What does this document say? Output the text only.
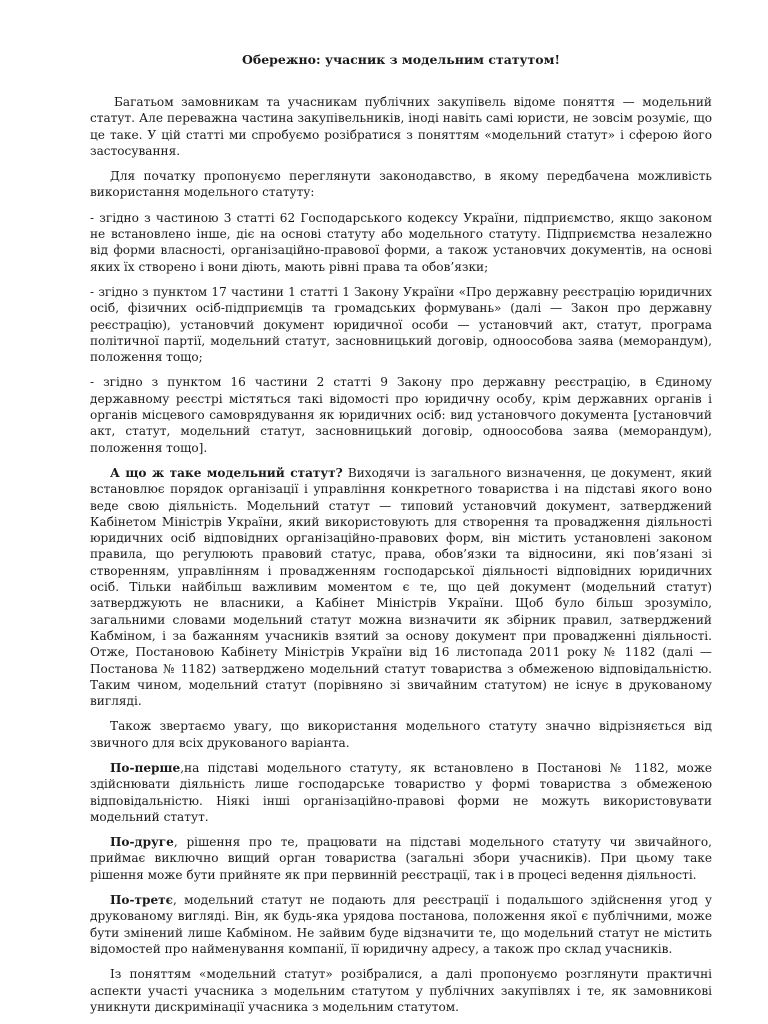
Обережно: учасник з модельним статутом!

Багатьом замовникам та учасникам публічних закупівель відоме поняття — модельний статут. Але переважна частина закупівельників, іноді навіть самі юристи, не зовсім розуміє, що це таке. У цій статті ми спробуємо розібратися з поняттям «модельний статут» і сферою його застосування.

Для початку пропонуємо переглянути законодавство, в якому передбачена можливість використання модельного статуту:

- згідно з частиною 3 статті 62 Господарського кодексу України, підприємство, якщо законом не встановлено інше, діє на основі статуту або модельного статуту. Підприємства незалежно від форми власності, організаційно-правової форми, а також установчих документів, на основі яких їх створено і вони діють, мають рівні права та обов’язки;

- згідно з пунктом 17 частини 1 статті 1 Закону України «Про державну реєстрацію юридичних осіб, фізичних осіб-підприємців та громадських формувань» (далі — Закон про державну реєстрацію), установчий документ юридичної особи — установчий акт, статут, програма політичної партії, модельний статут, засновницький договір, одноособова заява (меморандум), положення тощо;

- згідно з пунктом 16 частини 2 статті 9 Закону про державну реєстрацію, в Єдиному державному реєстрі містяться такі відомості про юридичну особу, крім державних органів і органів місцевого самоврядування як юридичних осіб: вид установчого документа [установчий акт, статут, модельний статут, засновницький договір, одноособова заява (меморандум), положення тощо].

А що ж таке модельний статут? Виходячи із загального визначення, це документ, який встановлює порядок організації і управління конкретного товариства і на підставі якого воно веде свою діяльність. Модельний статут — типовий установчий документ, затверджений Кабінетом Міністрів України, який використовують для створення та провадження діяльності юридичних осіб відповідних організаційно-правових форм, він містить установлені законом правила, що регулюють правовий статус, права, обов’язки та відносини, які пов’язані зі створенням, управлінням і провадженням господарської діяльності відповідних юридичних осіб. Тільки найбільш важливим моментом є те, що цей документ (модельний статут) затверджують не власники, а Кабінет Міністрів України. Щоб було більш зрозуміло, загальними словами модельний статут можна визначити як збірник правил, затверджений Кабміном, і за бажанням учасників взятий за основу документ при провадженні діяльності. Отже, Постановою Кабінету Міністрів України від 16 листопада 2011 року № 1182 (далі — Постанова № 1182) затверджено модельний статут товариства з обмеженою відповідальністю. Таким чином, модельний статут (порівняно зі звичайним статутом) не існує в друкованому вигляді.

Також звертаємо увагу, що використання модельного статуту значно відрізняється від звичного для всіх друкованого варіанта.

По-перше,на підставі модельного статуту, як встановлено в Постанові № 1182, може здійснювати діяльність лише господарське товариство у формі товариства з обмеженою відповідальністю. Ніякі інші організаційно-правові форми не можуть використовувати модельний статут.

По-друге, рішення про те, працювати на підставі модельного статуту чи звичайного, приймає виключно вищий орган товариства (загальні збори учасників). При цьому таке рішення може бути прийняте як при первинній реєстрації, так і в процесі ведення діяльності.

По-третє, модельний статут не подають для реєстрації і подальшого здійснення угод у друкованому вигляді. Він, як будь-яка урядова постанова, положення якої є публічними, може бути змінений лише Кабміном. Не зайвим буде відзначити те, що модельний статут не містить відомостей про найменування компанії, її юридичну адресу, а також про склад учасників.

Із поняттям «модельний статут» розібралися, а далі пропонуємо розглянути практичні аспекти участі учасника з модельним статутом у публічних закупівлях і те, як замовникові уникнути дискримінації учасника з модельним статутом.
